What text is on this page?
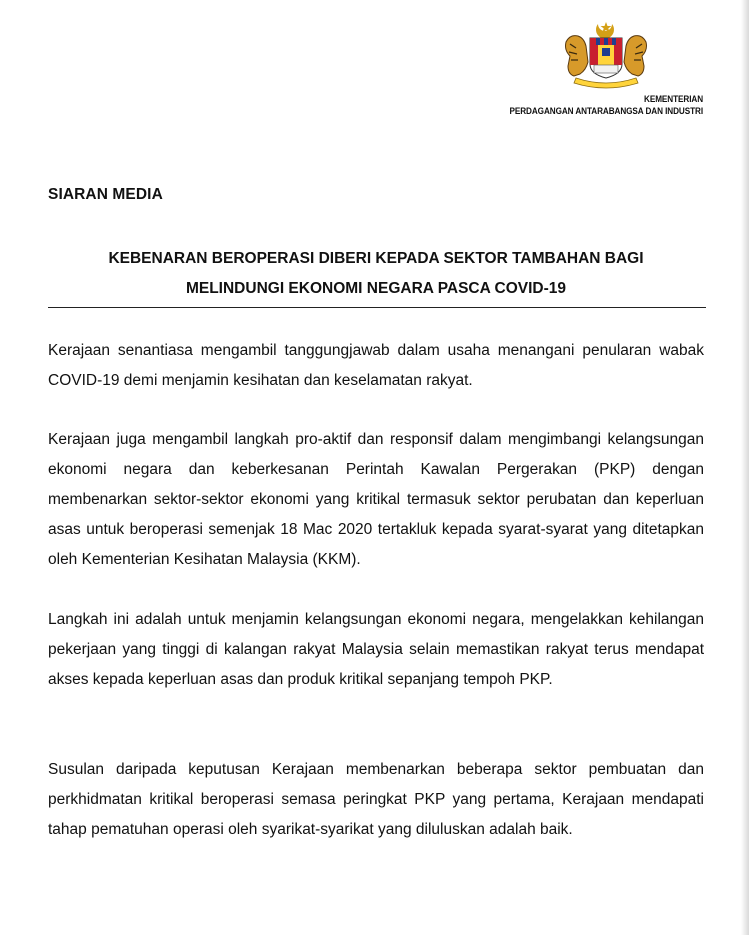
KEMENTERIAN
PERDAGANGAN ANTARABANGSA DAN INDUSTRI
SIARAN MEDIA
KEBENARAN BEROPERASI DIBERI KEPADA SEKTOR TAMBAHAN BAGI
MELINDUNGI EKONOMI NEGARA PASCA COVID-19

Kerajaan senantiasa mengambil tanggungjawab dalam usaha menangani penularan wabak COVID-19 demi menjamin kesihatan dan keselamatan rakyat.

Kerajaan juga mengambil langkah pro-aktif dan responsif dalam mengimbangi kelangsungan ekonomi negara dan keberkesanan Perintah Kawalan Pergerakan (PKP) dengan membenarkan sektor-sektor ekonomi yang kritikal termasuk sektor perubatan dan keperluan asas untuk beroperasi semenjak 18 Mac 2020 tertakluk kepada syarat-syarat yang ditetapkan oleh Kementerian Kesihatan Malaysia (KKM).

Langkah ini adalah untuk menjamin kelangsungan ekonomi negara, mengelakkan kehilangan pekerjaan yang tinggi di kalangan rakyat Malaysia selain memastikan rakyat terus mendapat akses kepada keperluan asas dan produk kritikal sepanjang tempoh PKP.

Susulan daripada keputusan Kerajaan membenarkan beberapa sektor pembuatan dan perkhidmatan kritikal beroperasi semasa peringkat PKP yang pertama, Kerajaan mendapati tahap pematuhan operasi oleh syarikat-syarikat yang diluluskan adalah baik.
